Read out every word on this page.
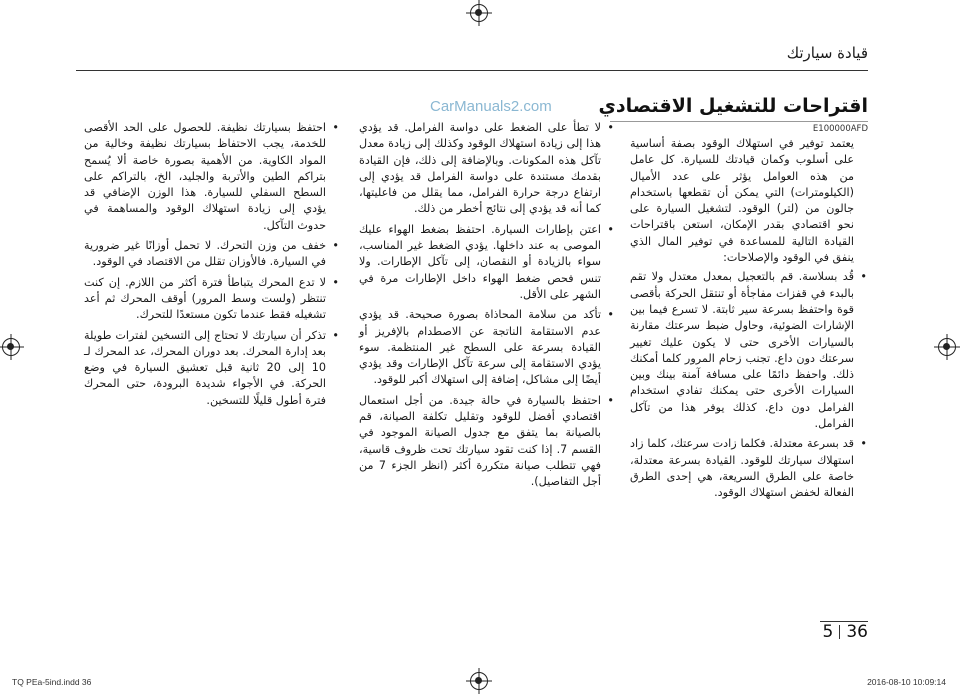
قيادة سيارتك
اقتراحات للتشغيل الاقتصادي
E100000AFD
CarManuals2.com

يعتمد توفير في استهلاك الوقود بصفة أساسية على أسلوب وكمان قيادتك للسيارة. كل عامل من هذه العوامل يؤثر على عدد الأميال (الكيلومترات) التي يمكن أن تقطعها باستخدام جالون من (لتر) الوقود. لتشغيل السيارة على نحو اقتصادي بقدر الإمكان، استعن باقتراحات القيادة التالية للمساعدة في توفير المال الذي ينفق في الوقود والإصلاحات:

• قُد بسلاسة. قم بالتعجيل بمعدل معتدل ولا تقم بالبدء في قفزات مفاجأة أو تنتقل الحركة بأقصى قوة واحتفظ بسرعة سير ثابتة. لا تسرع فيما بين الإشارات الضوئية، وحاول ضبط سرعتك مقارنة بالسيارات الأخرى حتى لا يكون عليك تغيير سرعتك دون داع. تجنب زحام المرور كلما أمكنك ذلك. واحفظ دائمًا على مسافة آمنة بينك وبين السيارات الأخرى حتى يمكنك تفادي استخدام الفرامل دون داع. كذلك يوفر هذا من تآكل الفرامل.
• قد بسرعة معتدلة. فكلما زادت سرعتك، كلما زاد استهلاك سيارتك للوقود. القيادة بسرعة معتدلة، خاصة على الطرق السريعة، هي إحدى الطرق الفعالة لخفض استهلاك الوقود.
• لا تطأ على الضغط على دواسة الفرامل. قد يؤدي هذا إلى زيادة استهلاك الوقود وكذلك إلى زيادة معدل تآكل هذه المكونات. وبالإضافة إلى ذلك، فإن القيادة بقدمك مستندة على دواسة الفرامل قد يؤدي إلى ارتفاع درجة حرارة الفرامل، مما يقلل من فاعليتها، كما أنه قد يؤدي إلى نتائج أخطر من ذلك.
• اعتن بإطارات السيارة. احتفظ بضغط الهواء عليك الموصى به عند داخلها. يؤدي الضغط غير المناسب، سواء بالزيادة أو النقصان، إلى تآكل الإطارات. ولا تنس فحص ضغط الهواء داخل الإطارات مرة في الشهر على الأقل.
• تأكد من سلامة المحاذاة بصورة صحيحة. قد يؤدي عدم الاستقامة الناتجة عن الاصطدام بالإفريز أو القيادة بسرعة على السطح غير المنتظمة. سوء يؤدي الاستقامة إلى سرعة تآكل الإطارات وقد يؤدي أيضًا إلى مشاكل، إضافة إلى استهلاك أكبر للوقود.
• احتفظ بالسيارة في حالة جيدة. من أجل استعمال اقتصادي أفضل للوقود وتقليل تكلفة الصيانة، قم بالصيانة بما يتفق مع جدول الصيانة الموجود في القسم 7. إذا كنت تقود سيارتك تحت ظروف قاسية، فهي تتطلب صيانة متكررة أكثر (انظر الجزء 7 من أجل التفاصيل).
• احتفظ بسيارتك نظيفة. للحصول على الحد الأقصى للخدمة، يجب الاحتفاظ بسيارتك نظيفة وخالية من المواد الكاوية. من الأهمية بصورة خاصة ألا يُسمح بتراكم الطين والأتربة والجليد، الخ، بالتراكم على السطح السفلي للسيارة. هذا الوزن الإضافي قد يؤدي إلى زيادة استهلاك الوقود والمساهمة في حدوث التآكل.
• خفف من وزن التحرك. لا تحمل أوزانًا غير ضرورية في السيارة. فالأوزان تقلل من الاقتصاد في الوقود.
• لا تدع المحرك يتباطأ فترة أكثر من اللازم. إن كنت تنتظر (ولست وسط المرور) أوقف المحرك ثم أعد تشغيله فقط عندما تكون مستعدًا للتحرك.
• تذكر أن سيارتك لا تحتاج إلى التسخين لفترات طويلة بعد إدارة المحرك. بعد دوران المحرك، عد المحرك لـ 10 إلى 20 ثانية قبل تعشيق السيارة في وضع الحركة. في الأجواء شديدة البرودة، حتى المحرك فترة أطول قليلًا للتسخين.
5 36
TQ PEa-5ind.indd 36	2016-08-10 10:09:14
